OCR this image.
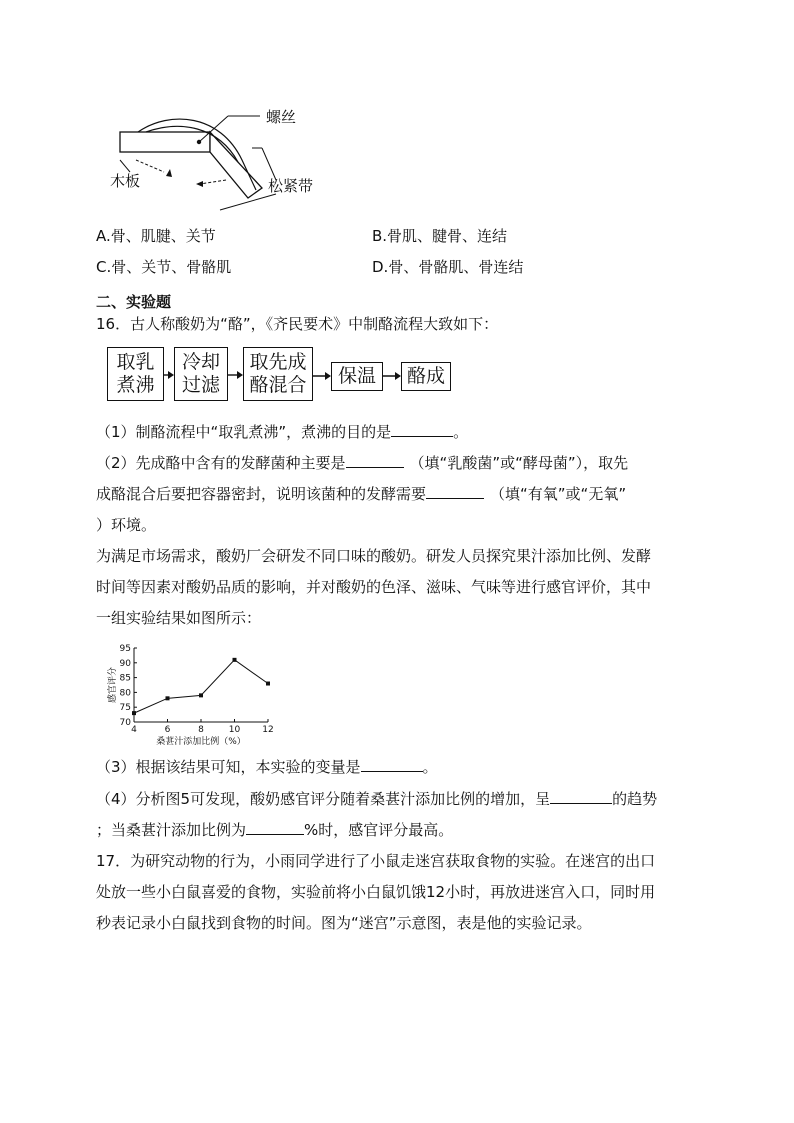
螺丝
木板	松紧带
A.骨、肌腱、关节	B.骨肌、腱骨、连结
C.骨、关节、骨骼肌	D.骨、骨骼肌、骨连结
二、实验题
16．古人称酸奶为“酪”，《齐民要术》中制酪流程大致如下：
取乳
煮沸
冷却
过滤
取先成
酪混合 保温 酪成
（1）制酪流程中“取乳煮沸”，煮沸的目的是	。
（2）先成酪中含有的发酵菌种主要是	（填“乳酸菌”或“酵母菌”），取先
成酪混合后要把容器密封，说明该菌种的发酵需要	（填“有氧”或“无氧”
）环境。
为满足市场需求，酸奶厂会研发不同口味的酸奶。研发人员探究果汁添加比例、发酵
时间等因素对酸奶品质的影响，并对酸奶的色泽、滋味、气味等进行感官评价，其中
一组实验结果如图所示：
70
75
80
85
90
95
4	6	8	10 12
桑葚汁添加比例（%）
感官评分
（3）根据该结果可知，本实验的变量是	。
（4）分析图5可发现，酸奶感官评分随着桑葚汁添加比例的增加，呈	的趋势
；当桑葚汁添加比例为	%时，感官评分最高。
17．为研究动物的行为，小雨同学进行了小鼠走迷宫获取食物的实验。在迷宫的出口
处放一些小白鼠喜爱的食物，实验前将小白鼠饥饿12小时，再放进迷宫入口，同时用
秒表记录小白鼠找到食物的时间。图为“迷宫”示意图，表是他的实验记录。
